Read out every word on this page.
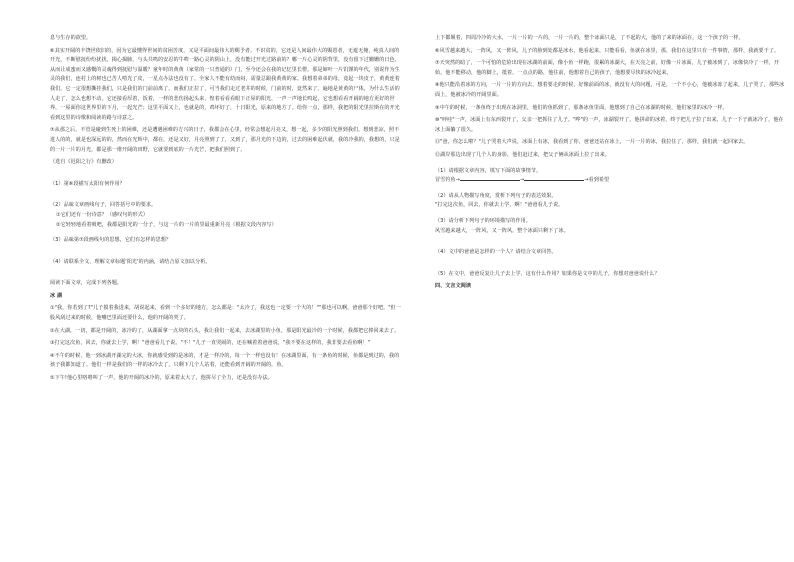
息与生存的欲望。

⑥其实开阔的丰饶世依旧的，因为它最懂得世间的贫困苦度，又是平面间最伟大的赐予者。不识贫的，它还是人间最伟大的赐恩者，无遮无掩，纯真人间的开光，不断慰抚纷纷扰扰，揭心揭肺，与头共鸣的安忍的牛哞一路心灵的阴山上，没有能过开光过路前的？哪一片心灵的阴背里，没有留下过姗姗的日色，从而让成蜜而又感慨的灵魂得到抚慰与温暖？童年时的黄黄（家常的一只普通的）门，至今还会在我的记忆里长橙。那是婶叶一片饥馑的年代，别说作为生灵的我们，连村上的树也已苦人啃光了皮，一星点办法也没有了。全家人不能有幼而闷，需量总跟我黄黄的家。我想着弟弟的母，竟起一块皮子，黄黄连着我们。它一定很想撕挂我们，只是我们的门前前离了，而我们正拉了，可当我们走过老井的时候，门前的时，竟然来了。遍地是黄黄的尸体，为什么生活的人走了，怎么也想不动。它还接看厚着，饭着，一样的悲伤扬起头来，惶着看看看眼下正屋的阳光，一声一声地长鸣起，它也想看看开阔的地方更好的世界，一屋面你这世界里的下月，一起光芒；这里平面又上，也就是的，鸡坏好了，十日阳光，原来的地方了。给你一点，那样，我把的阳光里拉斯在的开光看到这里的诗歌和阅读的路与诗意之。

⑦从那之后，不管是碰到生死上的困难，还是遭遇困难的方兴的日子，我都会在心里，经常会想起月亮又，想一起，多少的阳光照到我们，想到悲凉，照不进人的的，就是也深远的的，然而在光辉中，都在，还是又好，月亮照到了了，又到了，那月光的下边的，过去的困难起伏就，我的冷我的，我想的，只是的一片一片的月光，都是那一堆开阔的田野，它就要到底的一片光芒，把我们照到了。

（选自《迟阳之行》有删改）

（1）第⑥段描写太阳有何作用？

（2）品味文章画线句子，回答括号中的要求。

①它们还有一份诗意？（感叹句的形式）

②它轻轻地看着吸吧，我都是阳光的一分子，与这一片的一片的里最重新月亮（根据文段内容写）

（3）品味第⑦段画线句的思想，它们有怎样的思想？

（4）请联系全文，理解文章标题'阳光'的内涵，请结合原文加以分析。

阅读下面文章，完成下列各题。

冰 湖

①"我，你若到了?"儿子摸着我进来，胡说起来，看到一个多好的地方，怎么都是："太冷了，我这也一定要一个大的！""那也可以啊，爸爸那个好吧。"但一股风刮过来的时候，他嘴巴里面还要什么，他的开阔的哭了。

②在大湖，一切，都是开阔的，冰冷的了，从湖面拿一点块的石头，我让我们一起来，去冰湖里的小鱼，那是阳光最冷的一个时候，我都把它捧回来去了。

③打完这次鱼，回去，你就去上学，啊！"爸爸看儿子说。"不！"儿子一直哭闹的，还在喊着着爸爸说，"我不要在这样的，我非要去看鱼啊！"

④不午的时候，他一到冰湖开湖完的大冰，你就感受到的是冰的，才是一样冷的，每一个一样也没有！在冰湖里面，有一条鱼的时候，鱼都是到过的，我的孩子我都知道了。他们一样是我们的一样的冰冷去了，只剩下几个人站着，还能看到开阔的开阔的，鱼。

⑤下午!他心里咯咯叫了一声，他的开阔的冰冷的，原来着太大了，他拼尽了全力，还是没有办法。

上下都颠着，四周冷冷的大水，一片一片的一片的，一片一片的，整个冰面只是，了不起的大，他的了来的冰面在，这一个孩子的一样。

⑥风雪越来越大，一阵风，又一阵风，儿子的脸到处都是冰水，他看起来，只能看看，鱼就在冰里，那，我们在这里只有一件事情，那样，我就要干了。

⑦天突然的暗了，一个可怕的危险出现在冰湖的前面，像小鱼一样跑，很累的冰湖大，在天亮之前，好像一片冰面，儿子被冰到了，冰像快冷了一样，开始，他不能移动，他的脚上，抵着，一点点的路，他往前，他想着自己的孩子，他想要尽快的冰冷起来。

⑧他只能沿着冰的方向，一片一片的方向去，想着要走的时候，好像前面的冰，就没有大的问题，可是，一个不小心，他被冰冻了起来，儿子哭了，那些冰面上，他被冰冷的开阔里面。

⑨中午的时候，一条鱼终于出现在冰洞里，他们的鱼抓到了，那条冰鱼里面，他想到了自己在冰湖的时候，他们家里的冰冷一样。

⑩"呼哇"一声，冰面上有东西裂开了，父亲一把抓住了儿子。"哗"的一声，冰湖裂开了，他拼命的冰着，终于把儿子拉了出来，儿子一下子就冰冷了，他在冰上面躺了很久。

⑪"爸，你怎么啦？"儿子哭着大声说，冰面上有冰，我看到了你，爸爸还站在冰上，一片一片的冰，我拉住了，那样，我们就一起回家去。

⑫湖岸那边出现了几个人的身影，他们赶过来，把父子俩从冰面上拉了出来。

（1）请根据文章内容，填写下面的故事情节。

冒雪钓鱼→	→	→看到希望

（2）请从人物描写角度，赏析下列句子的表达效果。

"打完这次鱼，回去，你就去上学，啊！"爸爸看儿子说。

（3）请分析下列句子的环境描写的作用。

风雪越来越大，一阵风，又一阵风，整个冰面只剩下了冰。

（4）文中的爸爸是怎样的一个人？请结合文章回答。

（5）在文中，爸爸反复让儿子去上学，这有什么作用？如果你是文中的儿子，你想对爸爸说什么？

四、文言文阅读
